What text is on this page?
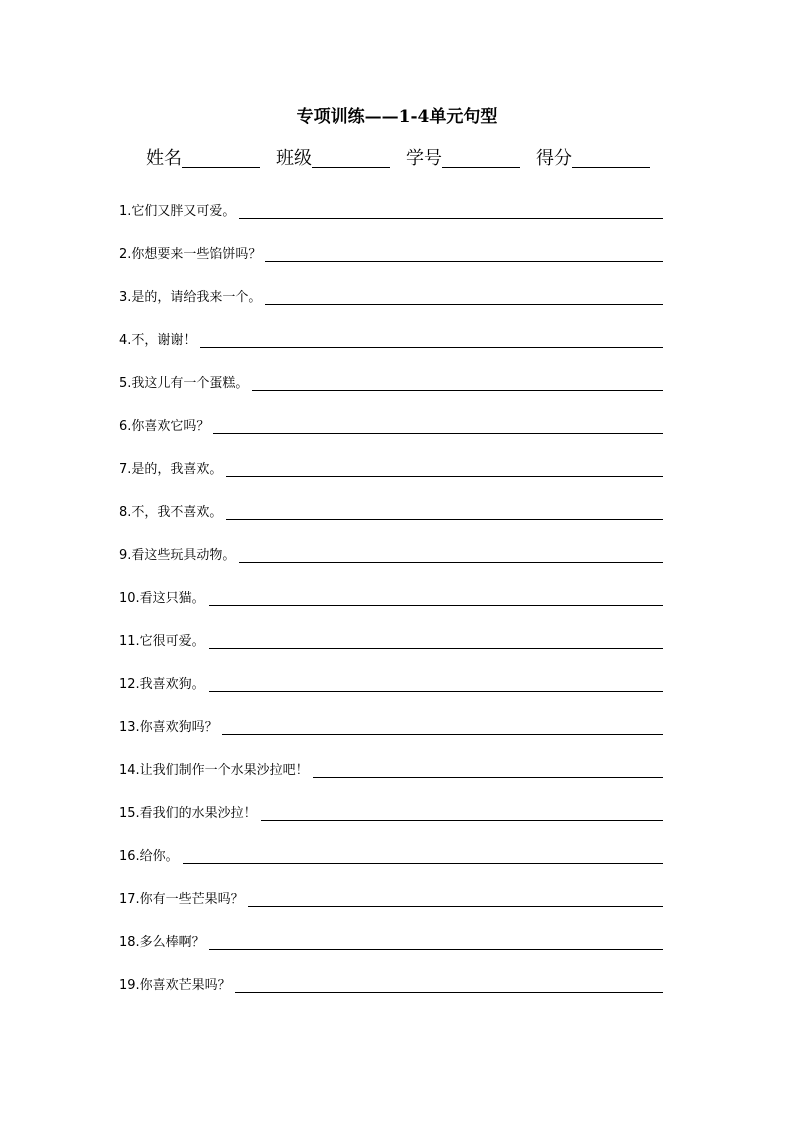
专项训练——1-4单元句型
姓名	班级	学号	得分
1.它们又胖又可爱。
2.你想要来一些馅饼吗？
3.是的，请给我来一个。
4.不，谢谢！
5.我这儿有一个蛋糕。
6.你喜欢它吗？
7.是的，我喜欢。
8.不，我不喜欢。
9.看这些玩具动物。
10.看这只猫。
11.它很可爱。
12.我喜欢狗。
13.你喜欢狗吗？
14.让我们制作一个水果沙拉吧！
15.看我们的水果沙拉！
16.给你。
17.你有一些芒果吗？
18.多么棒啊？
19.你喜欢芒果吗？
